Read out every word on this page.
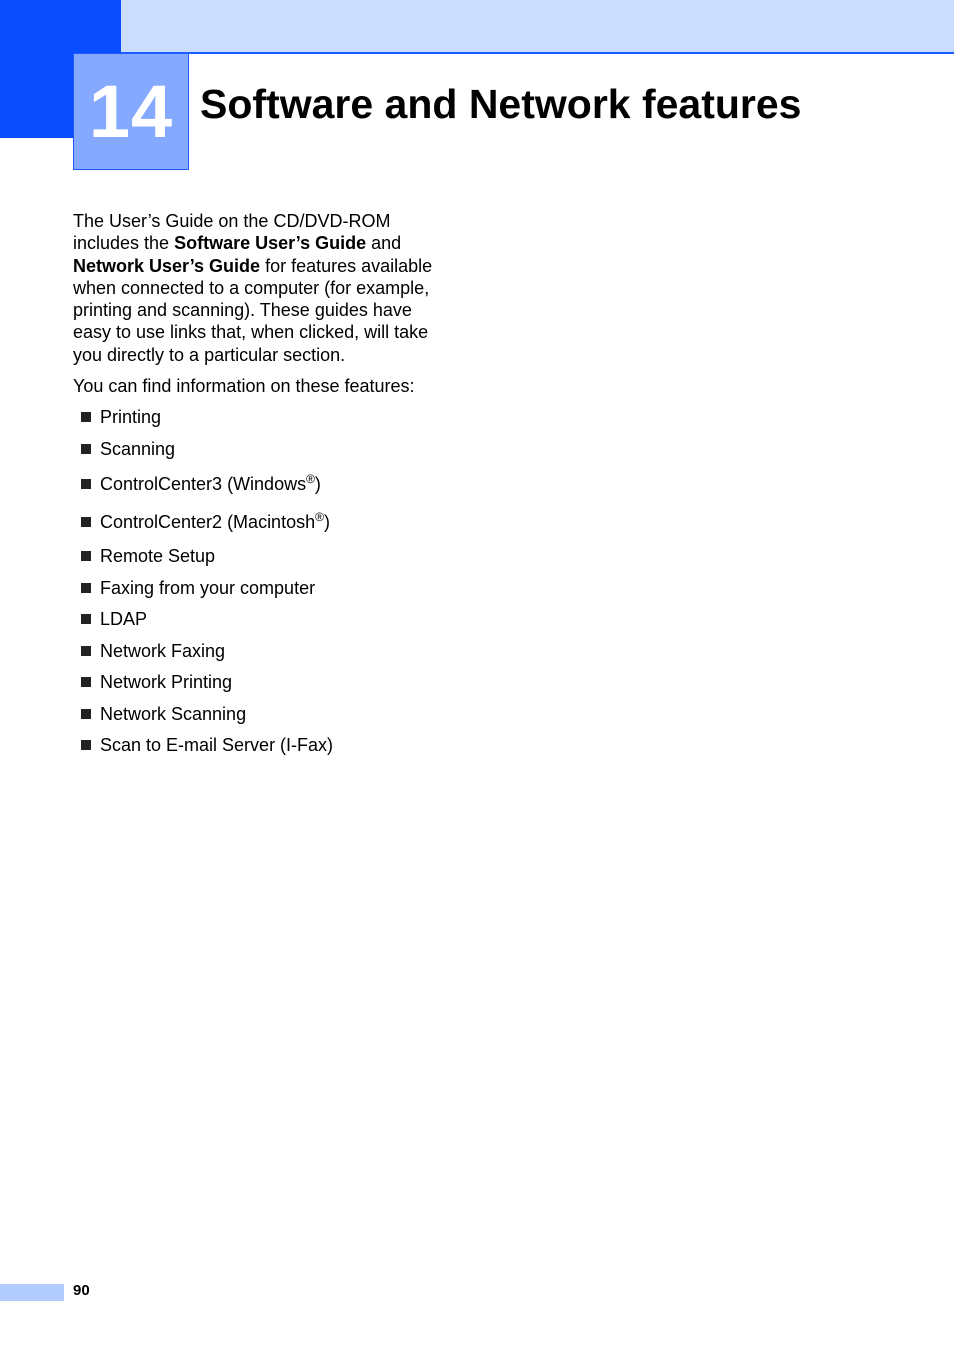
14 Software and Network features

The User’s Guide on the CD/DVD-ROM includes the Software User’s Guide and Network User’s Guide for features available when connected to a computer (for example, printing and scanning). These guides have easy to use links that, when clicked, will take you directly to a particular section.

You can find information on these features:

Printing
Scanning
ControlCenter3 (Windows®)
ControlCenter2 (Macintosh®)
Remote Setup
Faxing from your computer
LDAP
Network Faxing
Network Printing
Network Scanning
Scan to E-mail Server (I-Fax)
90
